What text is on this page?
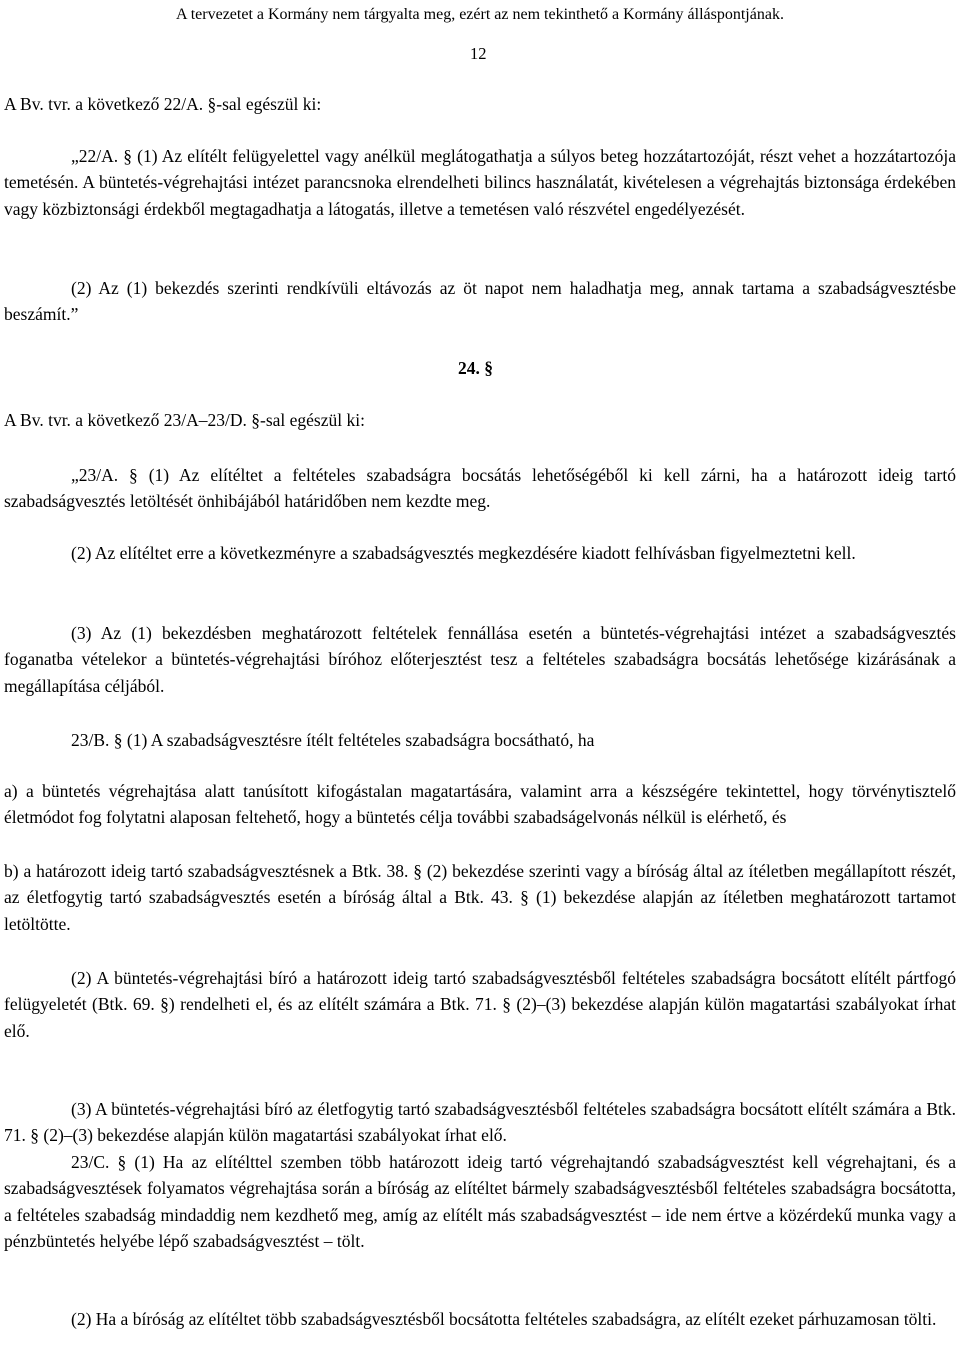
A tervezetet a Kormány nem tárgyalta meg, ezért az nem tekinthető a Kormány álláspontjának.
12
A Bv. tvr. a következő 22/A. §-sal egészül ki:

„22/A. § (1) Az elítélt felügyelettel vagy anélkül meglátogathatja a súlyos beteg hozzátartozóját, részt vehet a hozzátartozója temetésén. A büntetés-végrehajtási intézet parancsnoka elrendelheti bilincs használatát, kivételesen a végrehajtás biztonsága érdekében vagy közbiztonsági érdekből megtagadhatja a látogatás, illetve a temetésen való részvétel engedélyezését.

(2) Az (1) bekezdés szerinti rendkívüli eltávozás az öt napot nem haladhatja meg, annak tartama a szabadságvesztésbe beszámít.”

24. §
A Bv. tvr. a következő 23/A–23/D. §-sal egészül ki:

„23/A. § (1) Az elítéltet a feltételes szabadságra bocsátás lehetőségéből ki kell zárni, ha a határozott ideig tartó szabadságvesztés letöltését önhibájából határidőben nem kezdte meg.

(2) Az elítéltet erre a következményre a szabadságvesztés megkezdésére kiadott felhívásban figyelmeztetni kell.

(3) Az (1) bekezdésben meghatározott feltételek fennállása esetén a büntetés-végrehajtási intézet a szabadságvesztés foganatba vételekor a büntetés-végrehajtási bíróhoz előterjesztést tesz a feltételes szabadságra bocsátás lehetősége kizárásának a megállapítása céljából.

23/B. § (1) A szabadságvesztésre ítélt feltételes szabadságra bocsátható, ha

a) a büntetés végrehajtása alatt tanúsított kifogástalan magatartására, valamint arra a készségére tekintettel, hogy törvénytisztelő életmódot fog folytatni alaposan feltehető, hogy a büntetés célja további szabadságelvonás nélkül is elérhető, és

b) a határozott ideig tartó szabadságvesztésnek a Btk. 38. § (2) bekezdése szerinti vagy a bíróság által az ítéletben megállapított részét, az életfogytig tartó szabadságvesztés esetén a bíróság által a Btk. 43. § (1) bekezdése alapján az ítéletben meghatározott tartamot letöltötte.

(2) A büntetés-végrehajtási bíró a határozott ideig tartó szabadságvesztésből feltételes szabadságra bocsátott elítélt pártfogó felügyeletét (Btk. 69. §) rendelheti el, és az elítélt számára a Btk. 71. § (2)–(3) bekezdése alapján külön magatartási szabályokat írhat elő.

(3) A büntetés-végrehajtási bíró az életfogytig tartó szabadságvesztésből feltételes szabadságra bocsátott elítélt számára a Btk. 71. § (2)–(3) bekezdése alapján külön magatartási szabályokat írhat elő.

23/C. § (1) Ha az elítélttel szemben több határozott ideig tartó végrehajtandó szabadságvesztést kell végrehajtani, és a szabadságvesztések folyamatos végrehajtása során a bíróság az elítéltet bármely szabadságvesztésből feltételes szabadságra bocsátotta, a feltételes szabadság mindaddig nem kezdhető meg, amíg az elítélt más szabadságvesztést – ide nem értve a közérdekű munka vagy a pénzbüntetés helyébe lépő szabadságvesztést – tölt.

(2) Ha a bíróság az elítéltet több szabadságvesztésből bocsátotta feltételes szabadságra, az elítélt ezeket párhuzamosan tölti.
